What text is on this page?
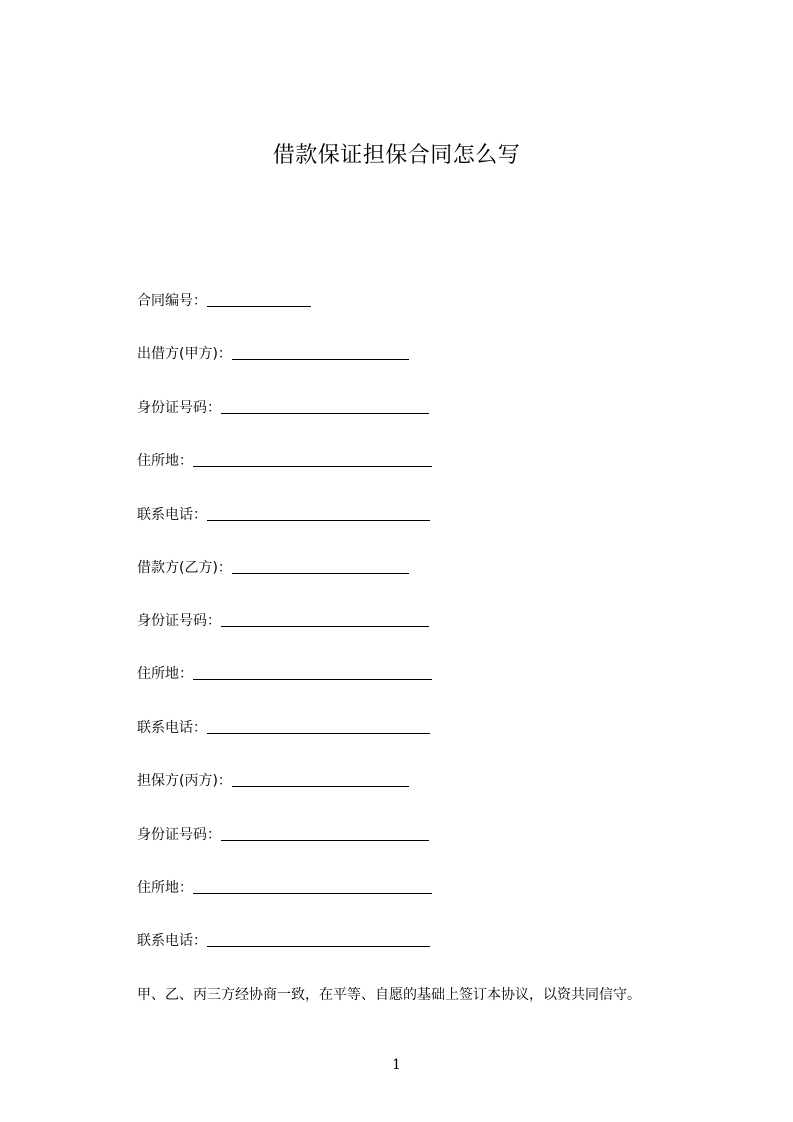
借款保证担保合同怎么写
合同编号：
出借方(甲方)：
身份证号码：
住所地：
联系电话：
借款方(乙方)：
身份证号码：
住所地：
联系电话：
担保方(丙方)：
身份证号码：
住所地：
联系电话：
甲、乙、丙三方经协商一致，在平等、自愿的基础上签订本协议，以资共同信守。
1
